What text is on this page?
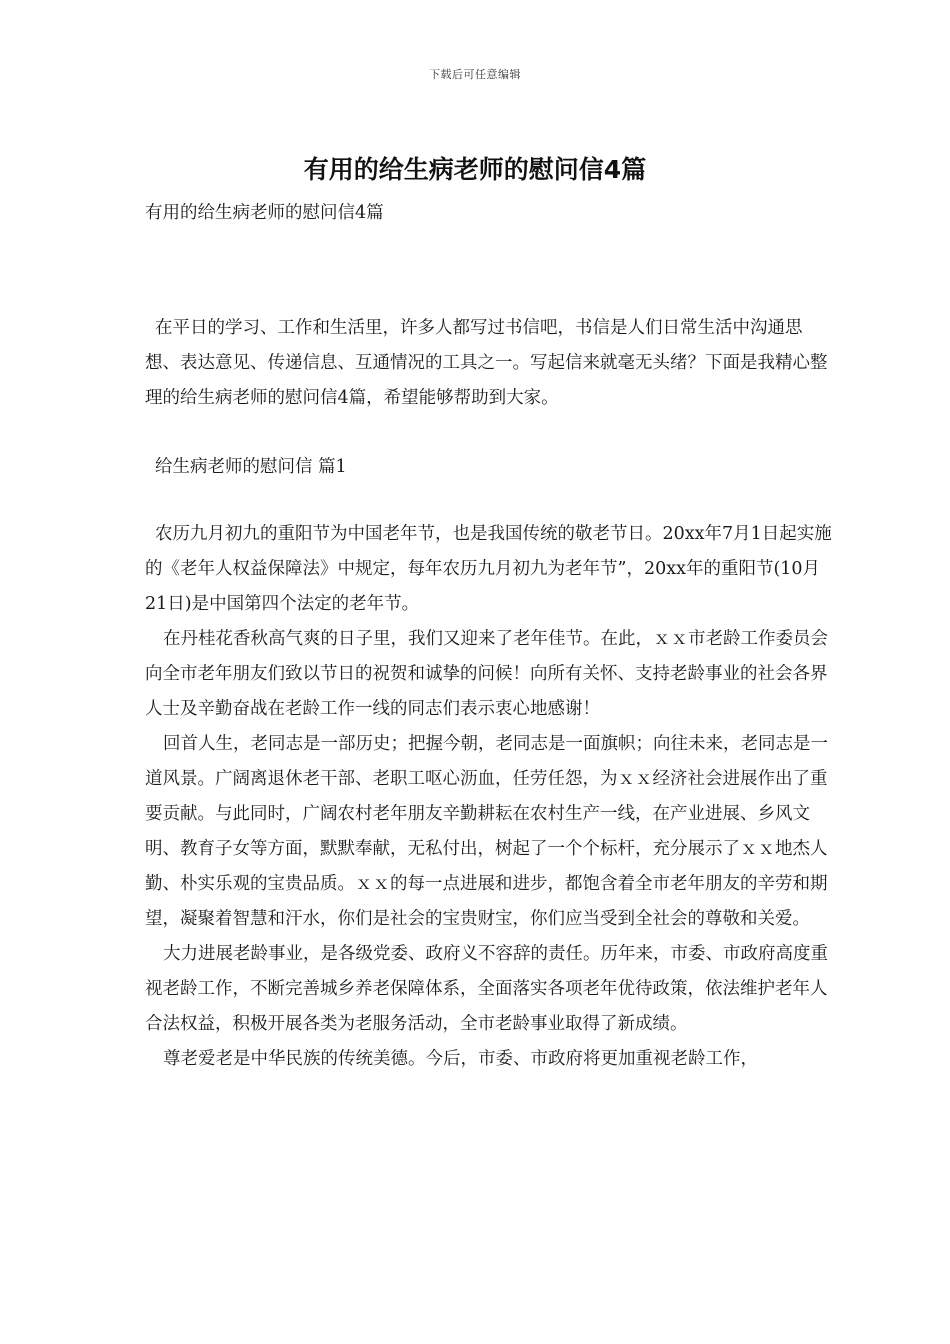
下载后可任意编辑
有用的给生病老师的慰问信4篇

有用的给生病老师的慰问信4篇

在平日的学习、工作和生活里，许多人都写过书信吧，书信是人们日常生活中沟通思想、表达意见、传递信息、互通情况的工具之一。写起信来就毫无头绪？下面是我精心整理的给生病老师的慰问信4篇，希望能够帮助到大家。

给生病老师的慰问信 篇1

农历九月初九的重阳节为中国老年节，也是我国传统的敬老节日。20xx年7月1日起实施的《老年人权益保障法》中规定，每年农历九月初九为老年节”，20xx年的重阳节(10月21日)是中国第四个法定的老年节。

在丹桂花香秋高气爽的日子里，我们又迎来了老年佳节。在此，ｘｘ市老龄工作委员会向全市老年朋友们致以节日的祝贺和诚挚的问候！向所有关怀、支持老龄事业的社会各界人士及辛勤奋战在老龄工作一线的同志们表示衷心地感谢！

回首人生，老同志是一部历史；把握今朝，老同志是一面旗帜；向往未来，老同志是一道风景。广阔离退休老干部、老职工呕心沥血，任劳任怨，为ｘｘ经济社会进展作出了重要贡献。与此同时，广阔农村老年朋友辛勤耕耘在农村生产一线，在产业进展、乡风文明、教育子女等方面，默默奉献，无私付出，树起了一个个标杆，充分展示了ｘｘ地杰人勤、朴实乐观的宝贵品质。ｘｘ的每一点进展和进步，都饱含着全市老年朋友的辛劳和期望，凝聚着智慧和汗水，你们是社会的宝贵财宝，你们应当受到全社会的尊敬和关爱。

大力进展老龄事业，是各级党委、政府义不容辞的责任。历年来，市委、市政府高度重视老龄工作，不断完善城乡养老保障体系，全面落实各项老年优待政策，依法维护老年人合法权益，积极开展各类为老服务活动，全市老龄事业取得了新成绩。

尊老爱老是中华民族的传统美德。今后，市委、市政府将更加重视老龄工作，
